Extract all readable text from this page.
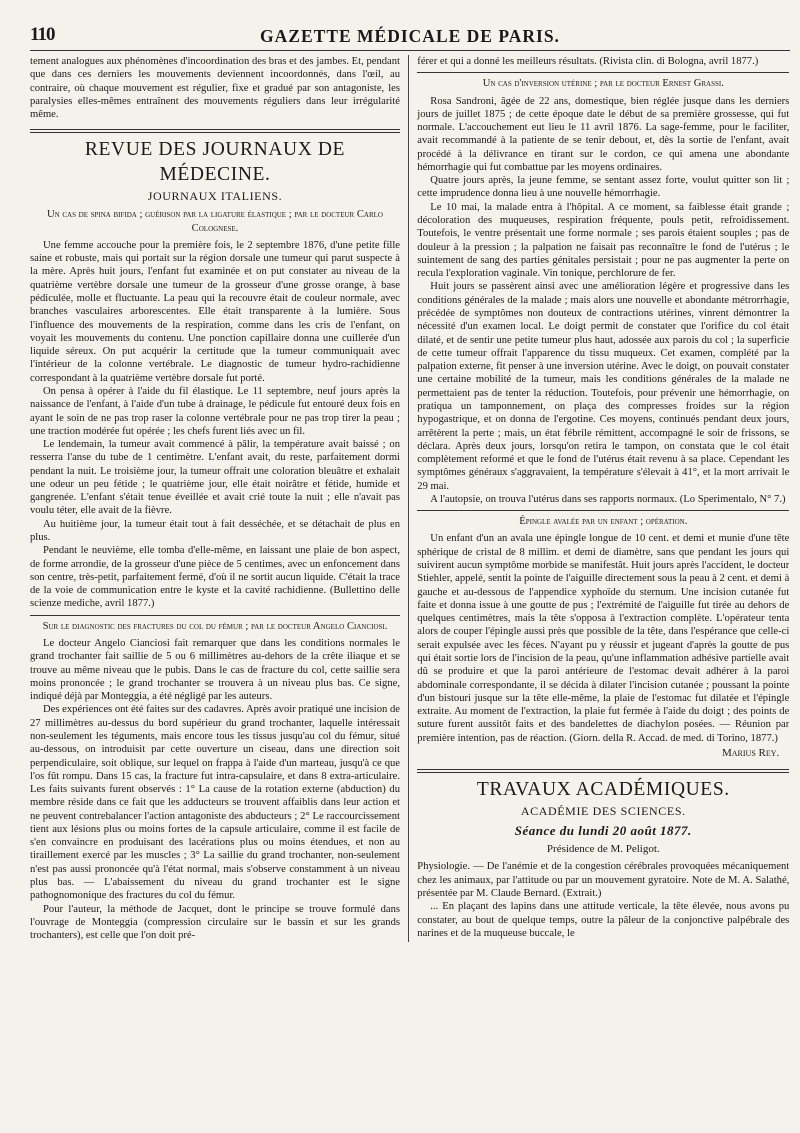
110	GAZETTE MÉDICALE DE PARIS.

tement analogues aux phénomènes d'incoordination des bras et des jambes. Et, pendant que dans ces derniers les mouvements deviennent incoordonnés, dans l'œil, au contraire, où chaque mouvement est régulier, fixe et gradué par son antagoniste, les paralysies elles-mêmes entraînent des mouvements réguliers dans leur irrégularité même.

REVUE DES JOURNAUX DE MÉDECINE.
JOURNAUX ITALIENS.
Un cas de spina bifida ; guérison par la ligature élastique ; par le docteur Carlo Colognese.

Une femme accouche pour la première fois, le 2 septembre 1876, d'une petite fille saine et robuste, mais qui portait sur la région dorsale une tumeur qui parut suspecte à la mère. Après huit jours, l'enfant fut examinée et on put constater au niveau de la quatrième vertèbre dorsale une tumeur de la grosseur d'une grosse orange, à base pédiculée, molle et fluctuante. La peau qui la recouvre était de couleur normale, avec branches vasculaires arborescentes. Elle était transparente à la lumière. Sous l'influence des mouvements de la respiration, comme dans les cris de l'enfant, on voyait les mouvements du contenu. Une ponction capillaire donna une cuillerée d'un liquide séreux. On put acquérir la certitude que la tumeur communiquait avec l'intérieur de la colonne vertébrale. Le diagnostic de tumeur hydro-rachidienne correspondant à la quatrième vertèbre dorsale fut porté.

On pensa à opérer à l'aide du fil élastique. Le 11 septembre, neuf jours après la naissance de l'enfant, à l'aide d'un tube à drainage, le pédicule fut entouré deux fois en ayant le soin de ne pas trop raser la colonne vertébrale pour ne pas trop tirer la peau ; une traction modérée fut opérée ; les chefs furent liés avec un fil.

Le lendemain, la tumeur avait commencé à pâlir, la température avait baissé ; on resserra l'anse du tube de 1 centimètre. L'enfant avait, du reste, parfaitement dormi pendant la nuit. Le troisième jour, la tumeur offrait une coloration bleuâtre et exhalait une odeur un peu fétide ; le quatrième jour, elle était noirâtre et fétide, humide et gangrenée. L'enfant s'était tenue éveillée et avait crié toute la nuit ; elle n'avait pas voulu téter, elle avait de la fièvre.

Au huitième jour, la tumeur était tout à fait desséchée, et se détachait de plus en plus.

Pendant le neuvième, elle tomba d'elle-même, en laissant une plaie de bon aspect, de forme arrondie, de la grosseur d'une pièce de 5 centimes, avec un enfoncement dans son centre, très-petit, parfaitement fermé, d'où il ne sortit aucun liquide. C'était la trace de la voie de communication entre le kyste et la cavité rachidienne. (Bullettino delle scienze mediche, avril 1877.)

Sur le diagnostic des fractures du col du fémur ; par le docteur Angelo Cianciosi.

Le docteur Angelo Cianciosi fait remarquer que dans les conditions normales le grand trochanter fait saillie de 5 ou 6 millimètres au-dehors de la crête iliaque et se trouve au même niveau que le pubis. Dans le cas de fracture du col, cette saillie sera moins prononcée ; le grand trochanter se trouvera à un niveau plus bas. Ce signe, indiqué déjà par Monteggia, a été négligé par les auteurs.

Des expériences ont été faites sur des cadavres. Après avoir pratiqué une incision de 27 millimètres au-dessus du bord supérieur du grand trochanter, laquelle intéressait non-seulement les téguments, mais encore tous les tissus jusqu'au col du fémur, situé au-dessous, on introduisit par cette ouverture un ciseau, dans une direction soit perpendiculaire, soit oblique, sur lequel on frappa à l'aide d'un marteau, jusqu'à ce que l'os fût rompu. Dans 15 cas, la fracture fut intra-capsulaire, et dans 8 extra-articulaire. Les faits suivants furent observés : 1° La cause de la rotation externe (abduction) du membre réside dans ce fait que les adducteurs se trouvent affaiblis dans leur action et ne peuvent contrebalancer l'action antagoniste des abducteurs ; 2° Le raccourcissement tient aux lésions plus ou moins fortes de la capsule articulaire, comme il est facile de s'en convaincre en produisant des lacérations plus ou moins étendues, et non au tiraillement exercé par les muscles ; 3° La saillie du grand trochanter, non-seulement n'est pas aussi prononcée qu'à l'état normal, mais s'observe constamment à un niveau plus bas. — L'abaissement du niveau du grand trochanter est le signe pathognomonique des fractures du col du fémur.

Pour l'auteur, la méthode de Jacquet, dont le principe se trouve formulé dans l'ouvrage de Monteggia (compression circulaire sur le bassin et sur les grands trochanters), est celle que l'on doit pré-

férer et qui a donné les meilleurs résultats. (Rivista clin. di Bologna, avril 1877.)

Un cas d'inversion utérine ; par le docteur Ernest Grassi.

Rosa Sandroni, âgée de 22 ans, domestique, bien réglée jusque dans les derniers jours de juillet 1875 ; de cette époque date le début de sa première grossesse, qui fut normale. L'accouchement eut lieu le 11 avril 1876. La sage-femme, pour le faciliter, avait recommandé à la patiente de se tenir debout, et, dès la sortie de l'enfant, avait procédé à la délivrance en tirant sur le cordon, ce qui amena une abondante hémorrhagie qui fut combattue par les moyens ordinaires.

Quatre jours après, la jeune femme, se sentant assez forte, voulut quitter son lit ; cette imprudence donna lieu à une nouvelle hémorrhagie.

Le 10 mai, la malade entra à l'hôpital. A ce moment, sa faiblesse était grande ; décoloration des muqueuses, respiration fréquente, pouls petit, refroidissement. Toutefois, le ventre présentait une forme normale ; ses parois étaient souples ; pas de douleur à la pression ; la palpation ne faisait pas reconnaître le fond de l'utérus ; le suintement de sang des parties génitales persistait ; pour ne pas augmenter la perte on recula l'exploration vaginale. Vin tonique, perchlorure de fer.

Huit jours se passèrent ainsi avec une amélioration légère et progressive dans les conditions générales de la malade ; mais alors une nouvelle et abondante métrorrhagie, précédée de symptômes non douteux de contractions utérines, vinrent démontrer la nécessité d'un examen local. Le doigt permit de constater que l'orifice du col était dilaté, et de sentir une petite tumeur plus haut, adossée aux parois du col ; la superficie de cette tumeur offrait l'apparence du tissu muqueux. Cet examen, complété par la palpation externe, fit penser à une inversion utérine. Avec le doigt, on pouvait constater une certaine mobilité de la tumeur, mais les conditions générales de la malade ne permettaient pas de tenter la réduction. Toutefois, pour prévenir une hémorrhagie, on pratiqua un tamponnement, on plaça des compresses froides sur la région hypogastrique, et on donna de l'ergotine. Ces moyens, continués pendant deux jours, arrêtèrent la perte ; mais, un état fébrile rémittent, accompagné le soir de frissons, se déclara. Après deux jours, lorsqu'on retira le tampon, on constata que le col était complètement reformé et que le fond de l'utérus était revenu à sa place. Cependant les symptômes généraux s'aggravaient, la température s'élevait à 41°, et la mort arrivait le 29 mai.

A l'autopsie, on trouva l'utérus dans ses rapports normaux. (Lo Sperimentalo, N° 7.)

Épingle avalée par un enfant ; opération.

Un enfant d'un an avala une épingle longue de 10 cent. et demi et munie d'une tête sphérique de cristal de 8 millim. et demi de diamètre, sans que pendant les jours qui suivirent aucun symptôme morbide se manifestât. Huit jours après l'accident, le docteur Stiehler, appelé, sentit la pointe de l'aiguille directement sous la peau à 2 cent. et demi à gauche et au-dessous de l'appendice xyphoïde du sternum. Une incision cutanée fut faite et donna issue à une goutte de pus ; l'extrémité de l'aiguille fut tirée au dehors de quelques centimètres, mais la tête s'opposa à l'extraction complète. L'opérateur tenta alors de couper l'épingle aussi près que possible de la tête, dans l'espérance que celle-ci serait expulsée avec les fèces. N'ayant pu y réussir et jugeant d'après la goutte de pus qui était sortie lors de l'incision de la peau, qu'une inflammation adhésive partielle avait dû se produire et que la paroi antérieure de l'estomac devait adhérer à la paroi abdominale correspondante, il se décida à dilater l'incision cutanée ; poussant la pointe d'un bistouri jusque sur la tête elle-même, la plaie de l'estomac fut dilatée et l'épingle extraite. Au moment de l'extraction, la plaie fut fermée à l'aide du doigt ; des points de suture furent aussitôt faits et des bandelettes de diachylon posées. — Réunion par première intention, pas de réaction. (Giorn. della R. Accad. de med. di Torino, 1877.)

Marius Rey.
TRAVAUX ACADÉMIQUES.
ACADÉMIE DES SCIENCES.
Séance du lundi 20 août 1877.
Présidence de M. Peligot.

Physiologie. — De l'anémie et de la congestion cérébrales provoquées mécaniquement chez les animaux, par l'attitude ou par un mouvement gyratoire. Note de M. A. Salathé, présentée par M. Claude Bernard. (Extrait.)

... En plaçant des lapins dans une attitude verticale, la tête élevée, nous avons pu constater, au bout de quelque temps, outre la pâleur de la conjonctive palpébrale des narines et de la muqueuse buccale, le
